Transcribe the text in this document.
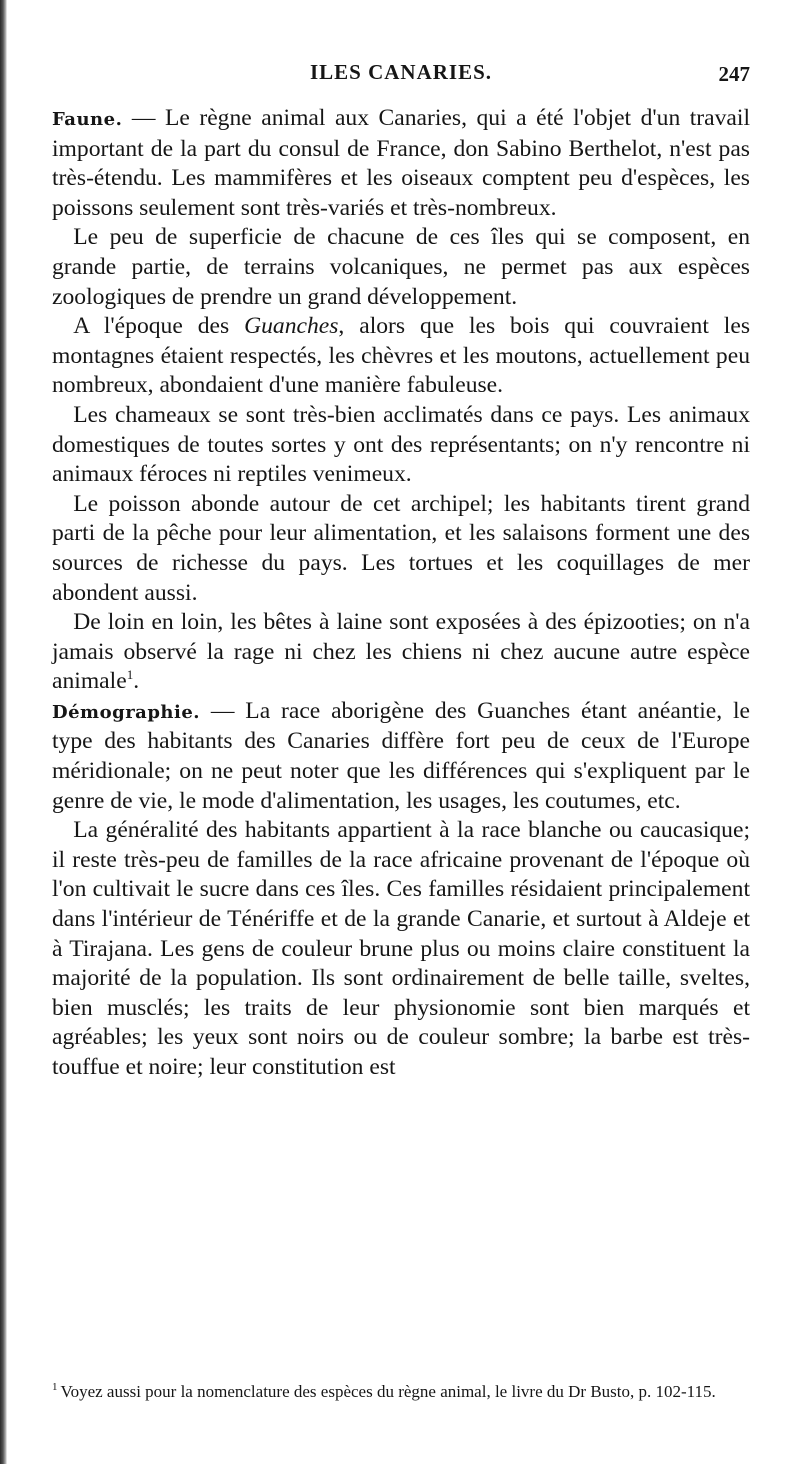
ILES CANARIES.	247

Faune. — Le règne animal aux Canaries, qui a été l'objet d'un travail important de la part du consul de France, don Sabino Berthelot, n'est pas très-étendu. Les mammifères et les oiseaux comptent peu d'espèces, les poissons seulement sont très-variés et très-nombreux.

Le peu de superficie de chacune de ces îles qui se composent, en grande partie, de terrains volcaniques, ne permet pas aux espèces zoologiques de prendre un grand développement.

A l'époque des Guanches, alors que les bois qui couvraient les montagnes étaient respectés, les chèvres et les moutons, actuellement peu nombreux, abondaient d'une manière fabuleuse.

Les chameaux se sont très-bien acclimatés dans ce pays. Les animaux domestiques de toutes sortes y ont des représentants; on n'y rencontre ni animaux féroces ni reptiles venimeux.

Le poisson abonde autour de cet archipel; les habitants tirent grand parti de la pêche pour leur alimentation, et les salaisons forment une des sources de richesse du pays. Les tortues et les coquillages de mer abondent aussi.

De loin en loin, les bêtes à laine sont exposées à des épizooties; on n'a jamais observé la rage ni chez les chiens ni chez aucune autre espèce animale$^1$.

Démographie. — La race aborigène des Guanches étant anéantie, le type des habitants des Canaries diffère fort peu de ceux de l'Europe méridionale; on ne peut noter que les différences qui s'expliquent par le genre de vie, le mode d'alimentation, les usages, les coutumes, etc.

La généralité des habitants appartient à la race blanche ou caucasique; il reste très-peu de familles de la race africaine provenant de l'époque où l'on cultivait le sucre dans ces îles. Ces familles résidaient principalement dans l'intérieur de Ténériffe et de la grande Canarie, et surtout à Aldeje et à Tirajana. Les gens de couleur brune plus ou moins claire constituent la majorité de la population. Ils sont ordinairement de belle taille, sveltes, bien musclés; les traits de leur physionomie sont bien marqués et agréables; les yeux sont noirs ou de couleur sombre; la barbe est très-touffue et noire; leur constitution est

$^1$ Voyez aussi pour la nomenclature des espèces du règne animal, le livre du Dr Busto, p. 102-115.
